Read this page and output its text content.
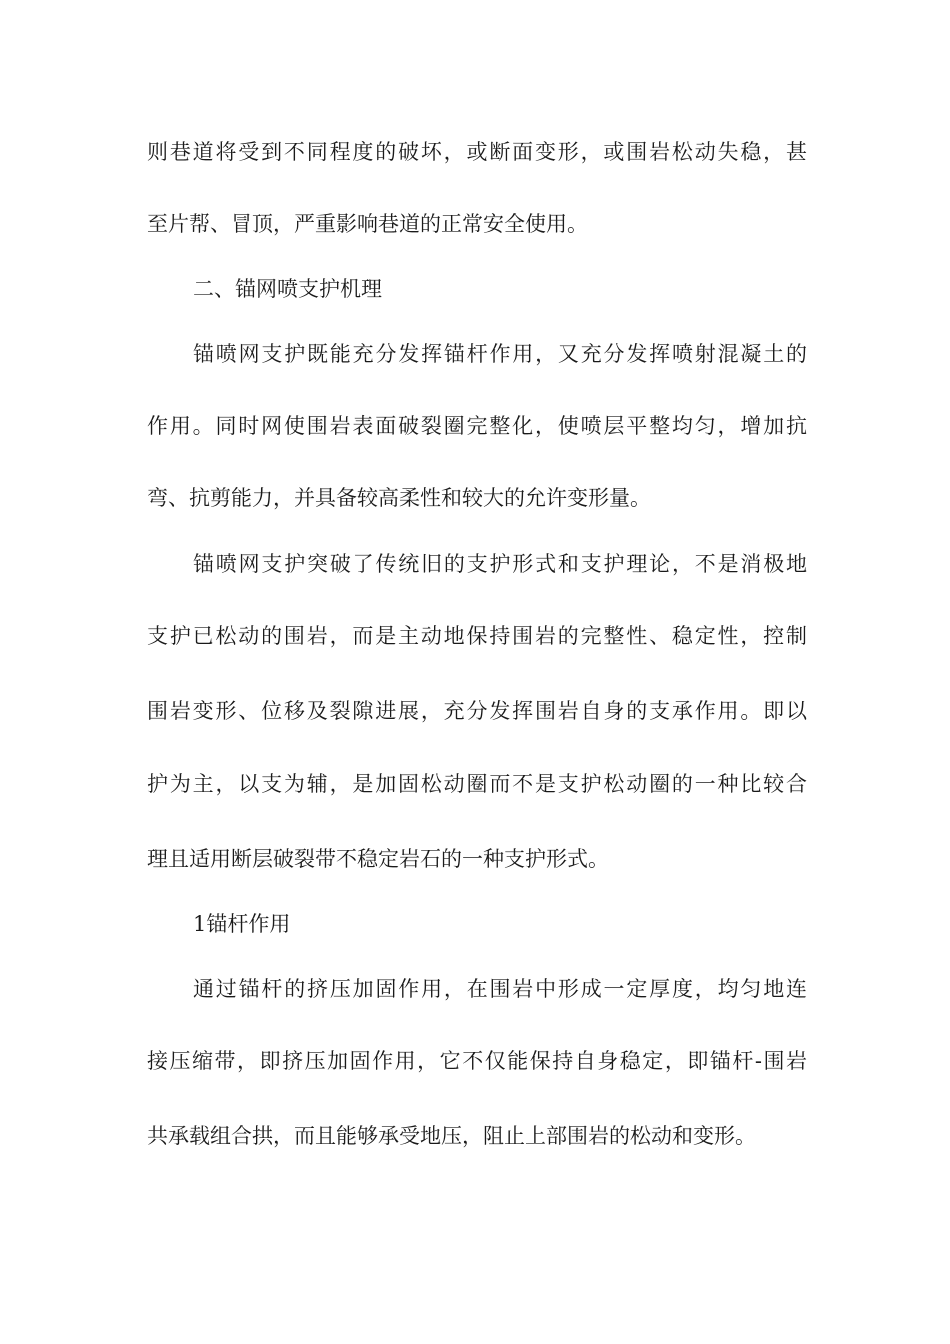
则巷道将受到不同程度的破坏，或断面变形，或围岩松动失稳，甚
至片帮、冒顶，严重影响巷道的正常安全使用。
二、锚网喷支护机理
锚喷网支护既能充分发挥锚杆作用，又充分发挥喷射混凝土的
作用。同时网使围岩表面破裂圈完整化，使喷层平整均匀，增加抗
弯、抗剪能力，并具备较高柔性和较大的允许变形量。
锚喷网支护突破了传统旧的支护形式和支护理论，不是消极地
支护已松动的围岩，而是主动地保持围岩的完整性、稳定性，控制
围岩变形、位移及裂隙进展，充分发挥围岩自身的支承作用。即以
护为主，以支为辅，是加固松动圈而不是支护松动圈的一种比较合
理且适用断层破裂带不稳定岩石的一种支护形式。
1锚杆作用
通过锚杆的挤压加固作用，在围岩中形成一定厚度，均匀地连
接压缩带，即挤压加固作用，它不仅能保持自身稳定，即锚杆-围岩
共承载组合拱，而且能够承受地压，阻止上部围岩的松动和变形。
